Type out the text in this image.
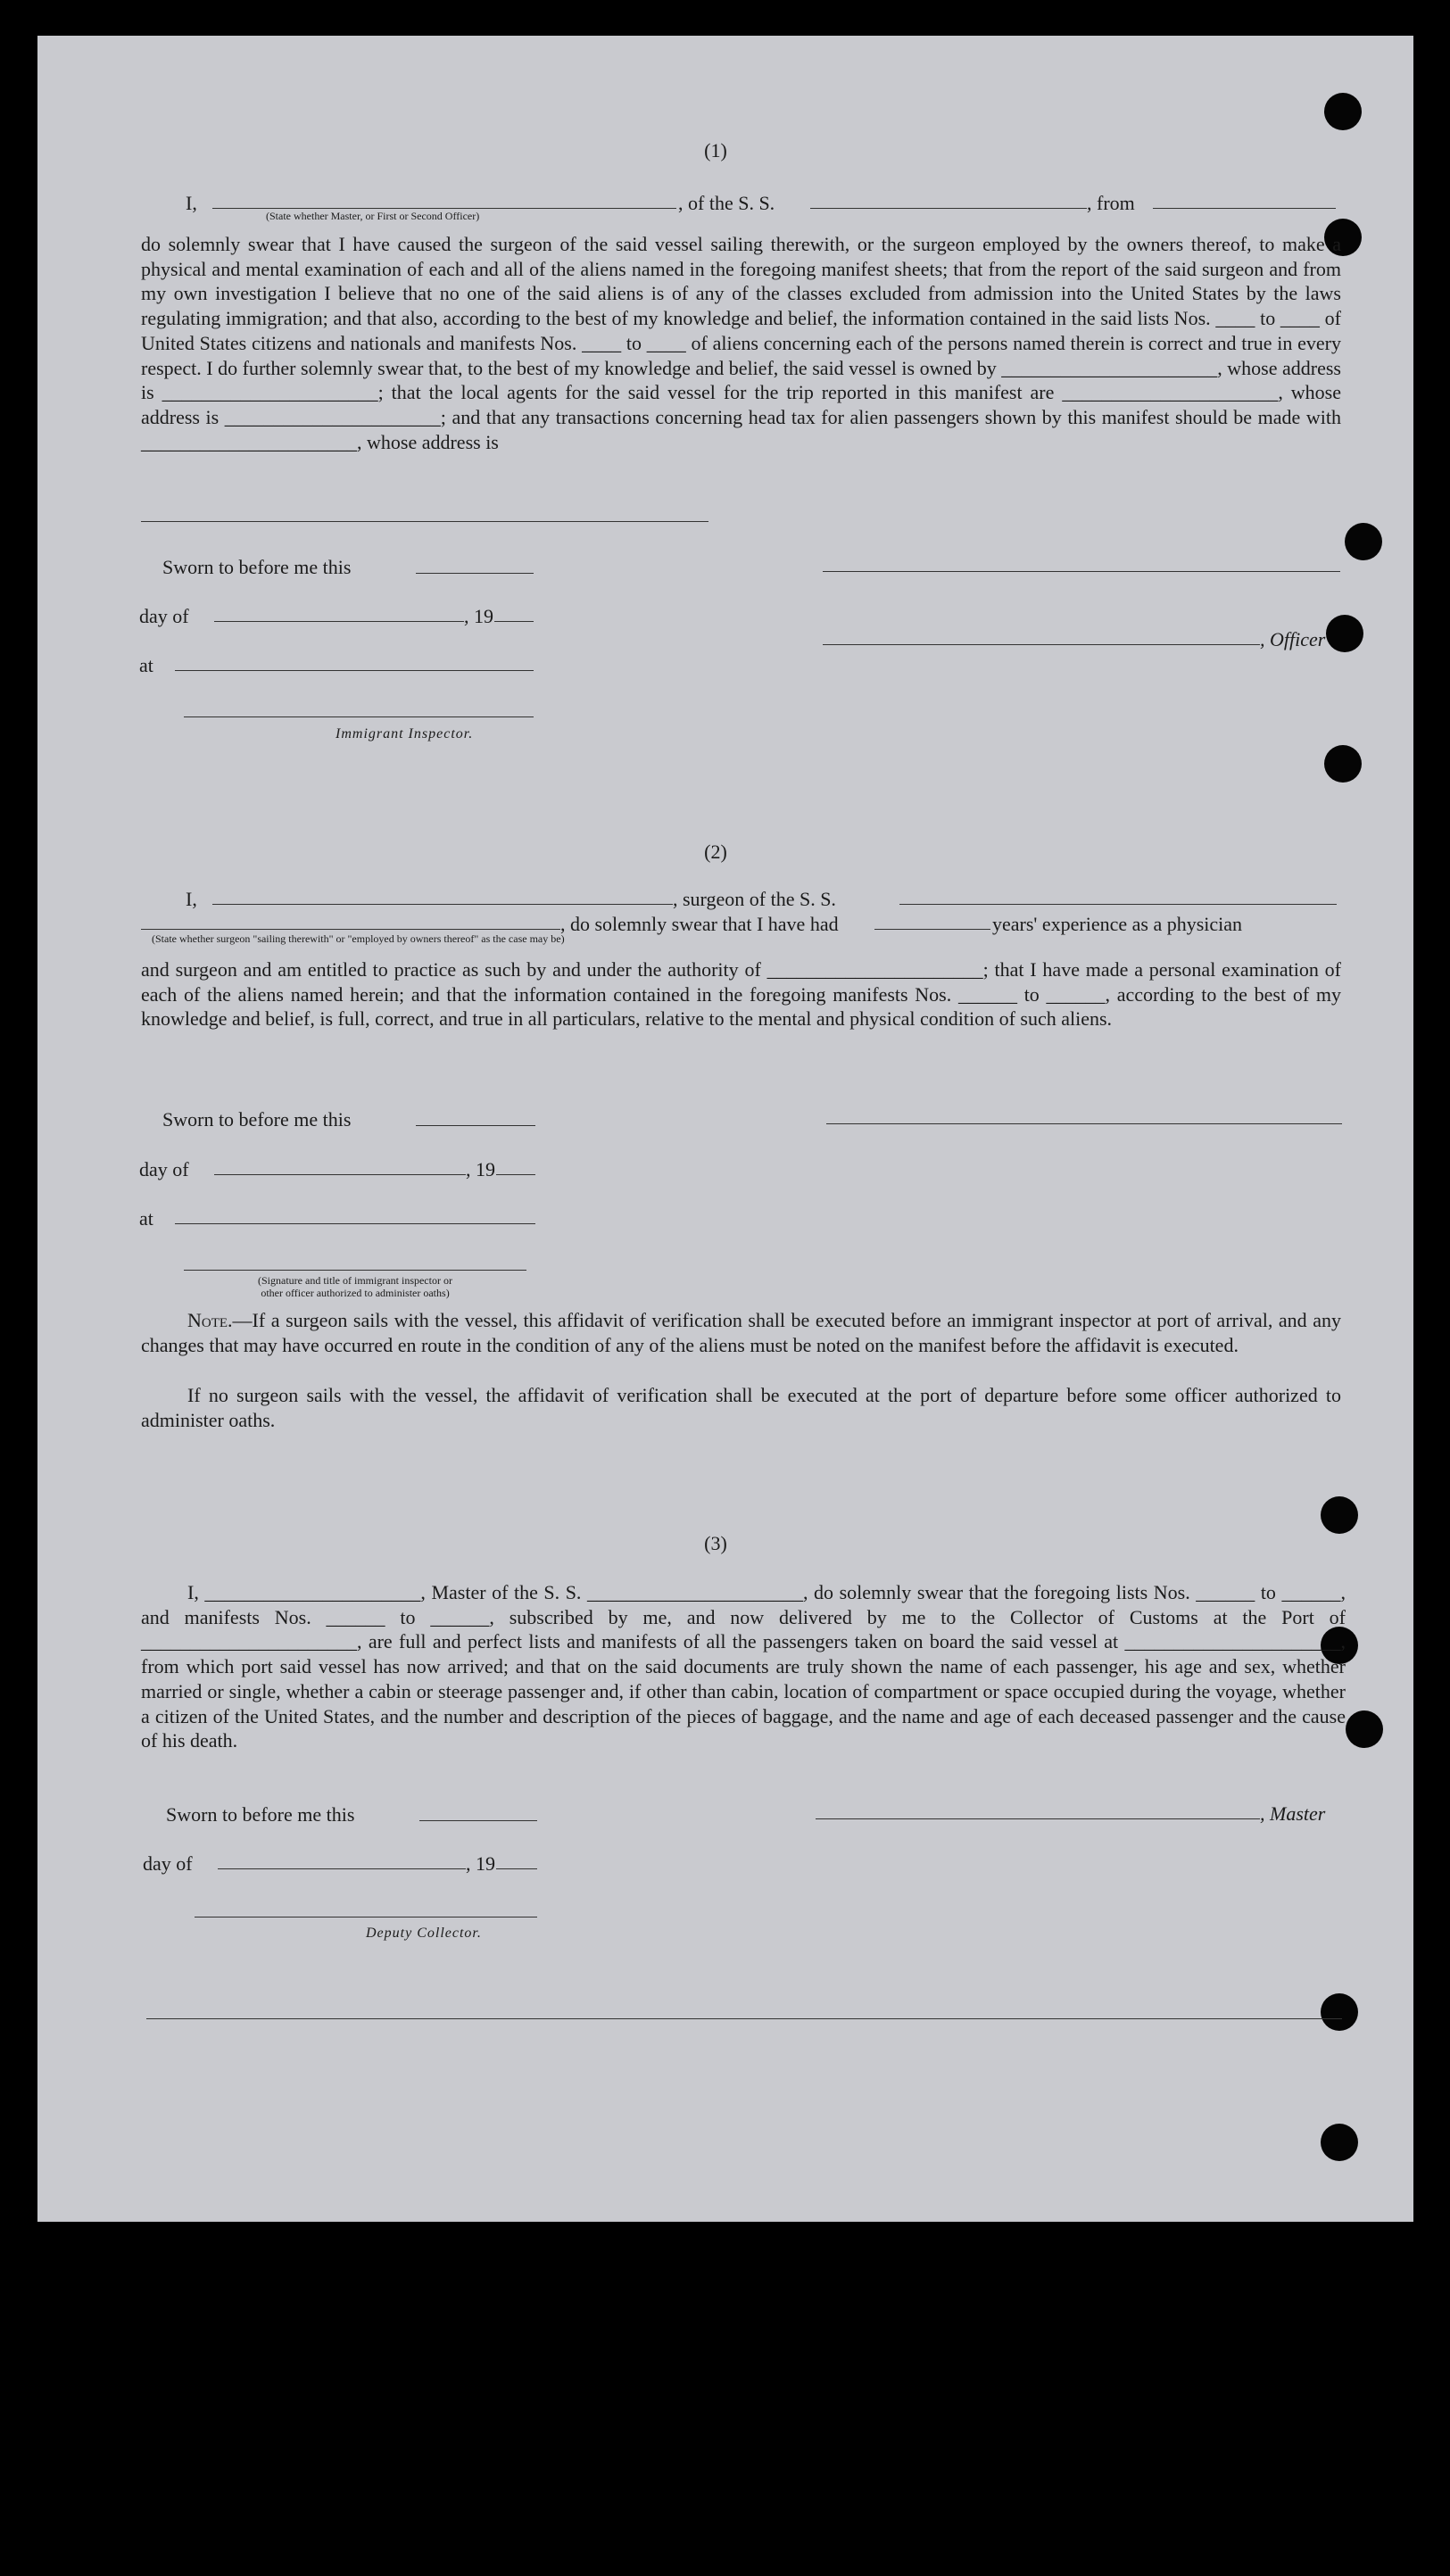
(1)
I,	, of the S. S.	, from
(State whether Master, or First or Second Officer)
do solemnly swear that I have caused the surgeon of the said vessel sailing therewith, or the surgeon employed by the owners thereof, to make a physical and mental examination of each and all of the aliens named in the foregoing manifest sheets; that from the report of the said surgeon and from my own investigation I believe that no one of the said aliens is of any of the classes excluded from admission into the United States by the laws regulating immigration; and that also, according to the best of my knowledge and belief, the information contained in the said lists Nos. ____ to ____ of United States citizens and nationals and manifests Nos. ____ to ____ of aliens concerning each of the persons named therein is correct and true in every respect. I do further solemnly swear that, to the best of my knowledge and belief, the said vessel is owned by ______________________, whose address is ______________________; that the local agents for the said vessel for the trip reported in this manifest are ______________________, whose address is ______________________; and that any transactions concerning head tax for alien passengers shown by this manifest should be made with ______________________, whose address is
Sworn to before me this
day of	, 19
, Officer
at
Immigrant Inspector.
(2)
I,	, surgeon of the S. S.
, do solemnly swear that I have had	years' experience as a physician
(State whether surgeon "sailing therewith" or "employed by owners thereof" as the case may be)
and surgeon and am entitled to practice as such by and under the authority of ______________________; that I have made a personal examination of each of the aliens named herein; and that the information contained in the foregoing manifests Nos. ______ to ______, according to the best of my knowledge and belief, is full, correct, and true in all particulars, relative to the mental and physical condition of such aliens.
Sworn to before me this
day of	, 19
at
(Signature and title of immigrant inspector or
other officer authorized to administer oaths)
Note.—If a surgeon sails with the vessel, this affidavit of verification shall be executed before an immigrant inspector at port of arrival, and any changes that may have occurred en route in the condition of any of the aliens must be noted on the manifest before the affidavit is executed.
If no surgeon sails with the vessel, the affidavit of verification shall be executed at the port of departure before some officer authorized to administer oaths.
(3)
I, ______________________, Master of the S. S. ______________________, do solemnly swear that the foregoing lists Nos. ______ to ______, and manifests Nos. ______ to ______, subscribed by me, and now delivered by me to the Collector of Customs at the Port of ______________________, are full and perfect lists and manifests of all the passengers taken on board the said vessel at ______________________, from which port said vessel has now arrived; and that on the said documents are truly shown the name of each passenger, his age and sex, whether married or single, whether a cabin or steerage passenger and, if other than cabin, location of compartment or space occupied during the voyage, whether a citizen of the United States, and the number and description of the pieces of baggage, and the name and age of each deceased passenger and the cause of his death.
Sworn to before me this	, Master
day of	, 19
Deputy Collector.
